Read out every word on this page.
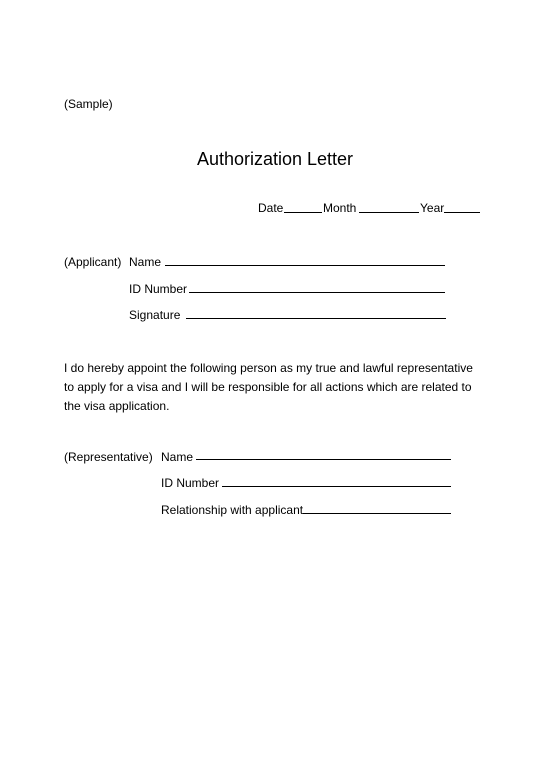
(Sample)
Authorization Letter
Date	Month	Year
(Applicant) Name
ID Number
Signature
I do hereby appoint the following person as my true and lawful representative to apply for a visa and I will be responsible for all actions which are related to the visa application.
(Representative) Name
ID Number
Relationship with applicant
